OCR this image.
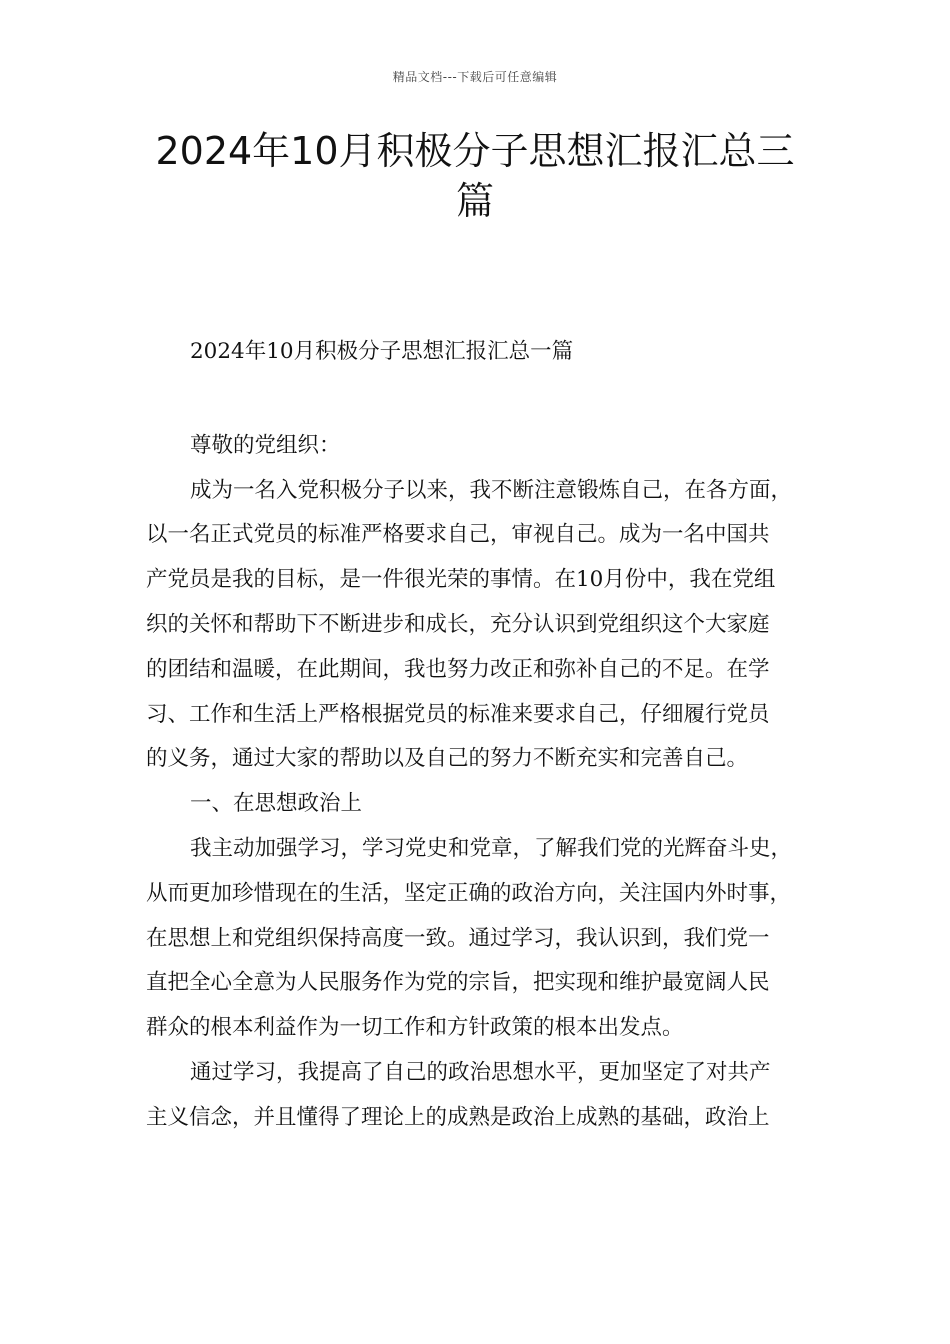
精品文档---下载后可任意编辑
2024年10月积极分子思想汇报汇总三
篇
2024年10月积极分子思想汇报汇总一篇
尊敬的党组织：
成为一名入党积极分子以来，我不断注意锻炼自己，在各方面，
以一名正式党员的标准严格要求自己，审视自己。成为一名中国共
产党员是我的目标，是一件很光荣的事情。在10月份中，我在党组
织的关怀和帮助下不断进步和成长，充分认识到党组织这个大家庭
的团结和温暖，在此期间，我也努力改正和弥补自己的不足。在学
习、工作和生活上严格根据党员的标准来要求自己，仔细履行党员
的义务，通过大家的帮助以及自己的努力不断充实和完善自己。
一、在思想政治上
我主动加强学习，学习党史和党章，了解我们党的光辉奋斗史，
从而更加珍惜现在的生活，坚定正确的政治方向，关注国内外时事，
在思想上和党组织保持高度一致。通过学习，我认识到，我们党一
直把全心全意为人民服务作为党的宗旨，把实现和维护最宽阔人民
群众的根本利益作为一切工作和方针政策的根本出发点。
通过学习，我提高了自己的政治思想水平，更加坚定了对共产
主义信念，并且懂得了理论上的成熟是政治上成熟的基础，政治上
